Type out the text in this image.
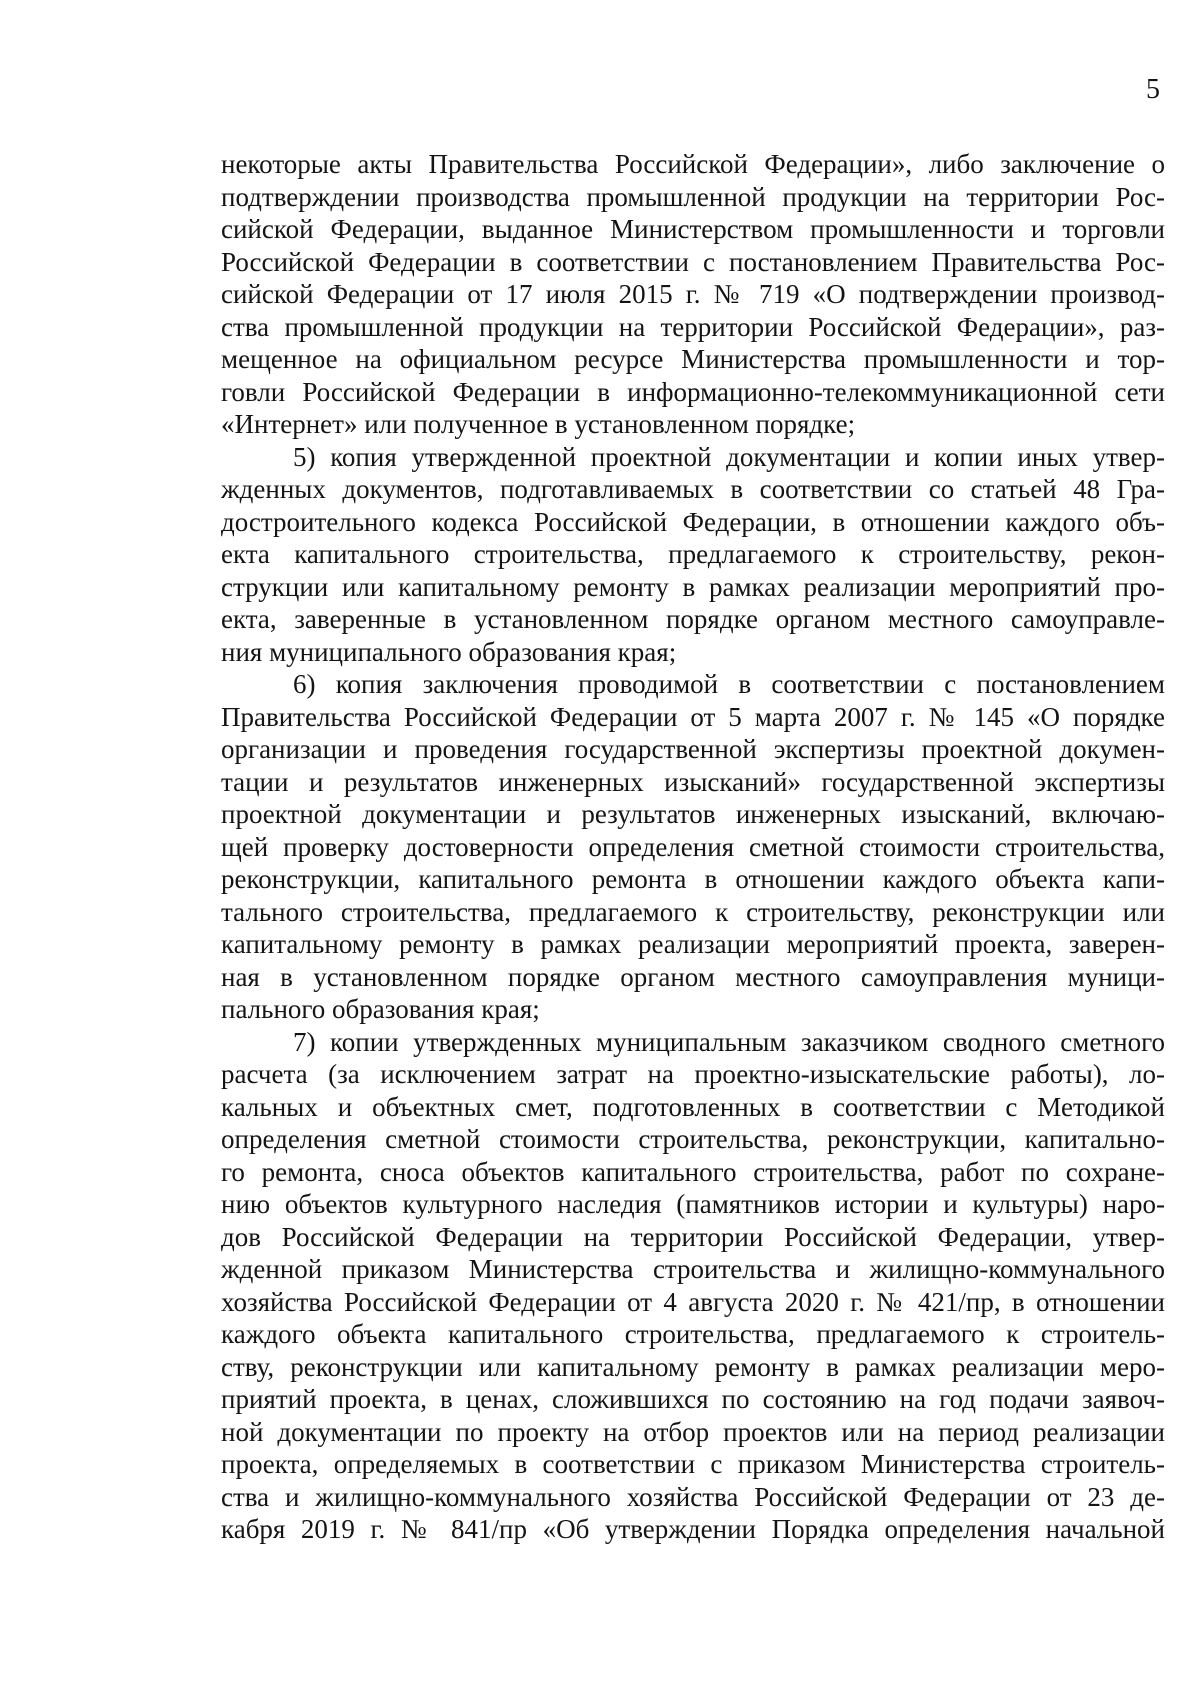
5
некоторые акты Правительства Российской Федерации», либо заключение о
подтверждении производства промышленной продукции на территории Рос-
сийской Федерации, выданное Министерством промышленности и торговли
Российской Федерации в соответствии с постановлением Правительства Рос-
сийской Федерации от 17 июля 2015 г. № 719 «О подтверждении производ-
ства промышленной продукции на территории Российской Федерации», раз-
мещенное на официальном ресурсе Министерства промышленности и тор-
говли Российской Федерации в информационно-телекоммуникационной сети
«Интернет» или полученное в установленном порядке;
5) копия утвержденной проектной документации и копии иных утвер-
жденных документов, подготавливаемых в соответствии со статьей 48 Гра-
достроительного кодекса Российской Федерации, в отношении каждого объ-
екта капитального строительства, предлагаемого к строительству, рекон-
струкции или капитальному ремонту в рамках реализации мероприятий про-
екта, заверенные в установленном порядке органом местного самоуправле-
ния муниципального образования края;
6) копия заключения проводимой в соответствии с постановлением
Правительства Российской Федерации от 5 марта 2007 г. № 145 «О порядке
организации и проведения государственной экспертизы проектной докумен-
тации и результатов инженерных изысканий» государственной экспертизы
проектной документации и результатов инженерных изысканий, включаю-
щей проверку достоверности определения сметной стоимости строительства,
реконструкции, капитального ремонта в отношении каждого объекта капи-
тального строительства, предлагаемого к строительству, реконструкции или
капитальному ремонту в рамках реализации мероприятий проекта, заверен-
ная в установленном порядке органом местного самоуправления муници-
пального образования края;
7) копии утвержденных муниципальным заказчиком сводного сметного
расчета (за исключением затрат на проектно-изыскательские работы), ло-
кальных и объектных смет, подготовленных в соответствии с Методикой
определения сметной стоимости строительства, реконструкции, капитально-
го ремонта, сноса объектов капитального строительства, работ по сохране-
нию объектов культурного наследия (памятников истории и культуры) наро-
дов Российской Федерации на территории Российской Федерации, утвер-
жденной приказом Министерства строительства и жилищно-коммунального
хозяйства Российской Федерации от 4 августа 2020 г. № 421/пр, в отношении
каждого объекта капитального строительства, предлагаемого к строитель-
ству, реконструкции или капитальному ремонту в рамках реализации меро-
приятий проекта, в ценах, сложившихся по состоянию на год подачи заявоч-
ной документации по проекту на отбор проектов или на период реализации
проекта, определяемых в соответствии с приказом Министерства строитель-
ства и жилищно-коммунального хозяйства Российской Федерации от 23 де-
кабря 2019 г. № 841/пр «Об утверждении Порядка определения начальной
